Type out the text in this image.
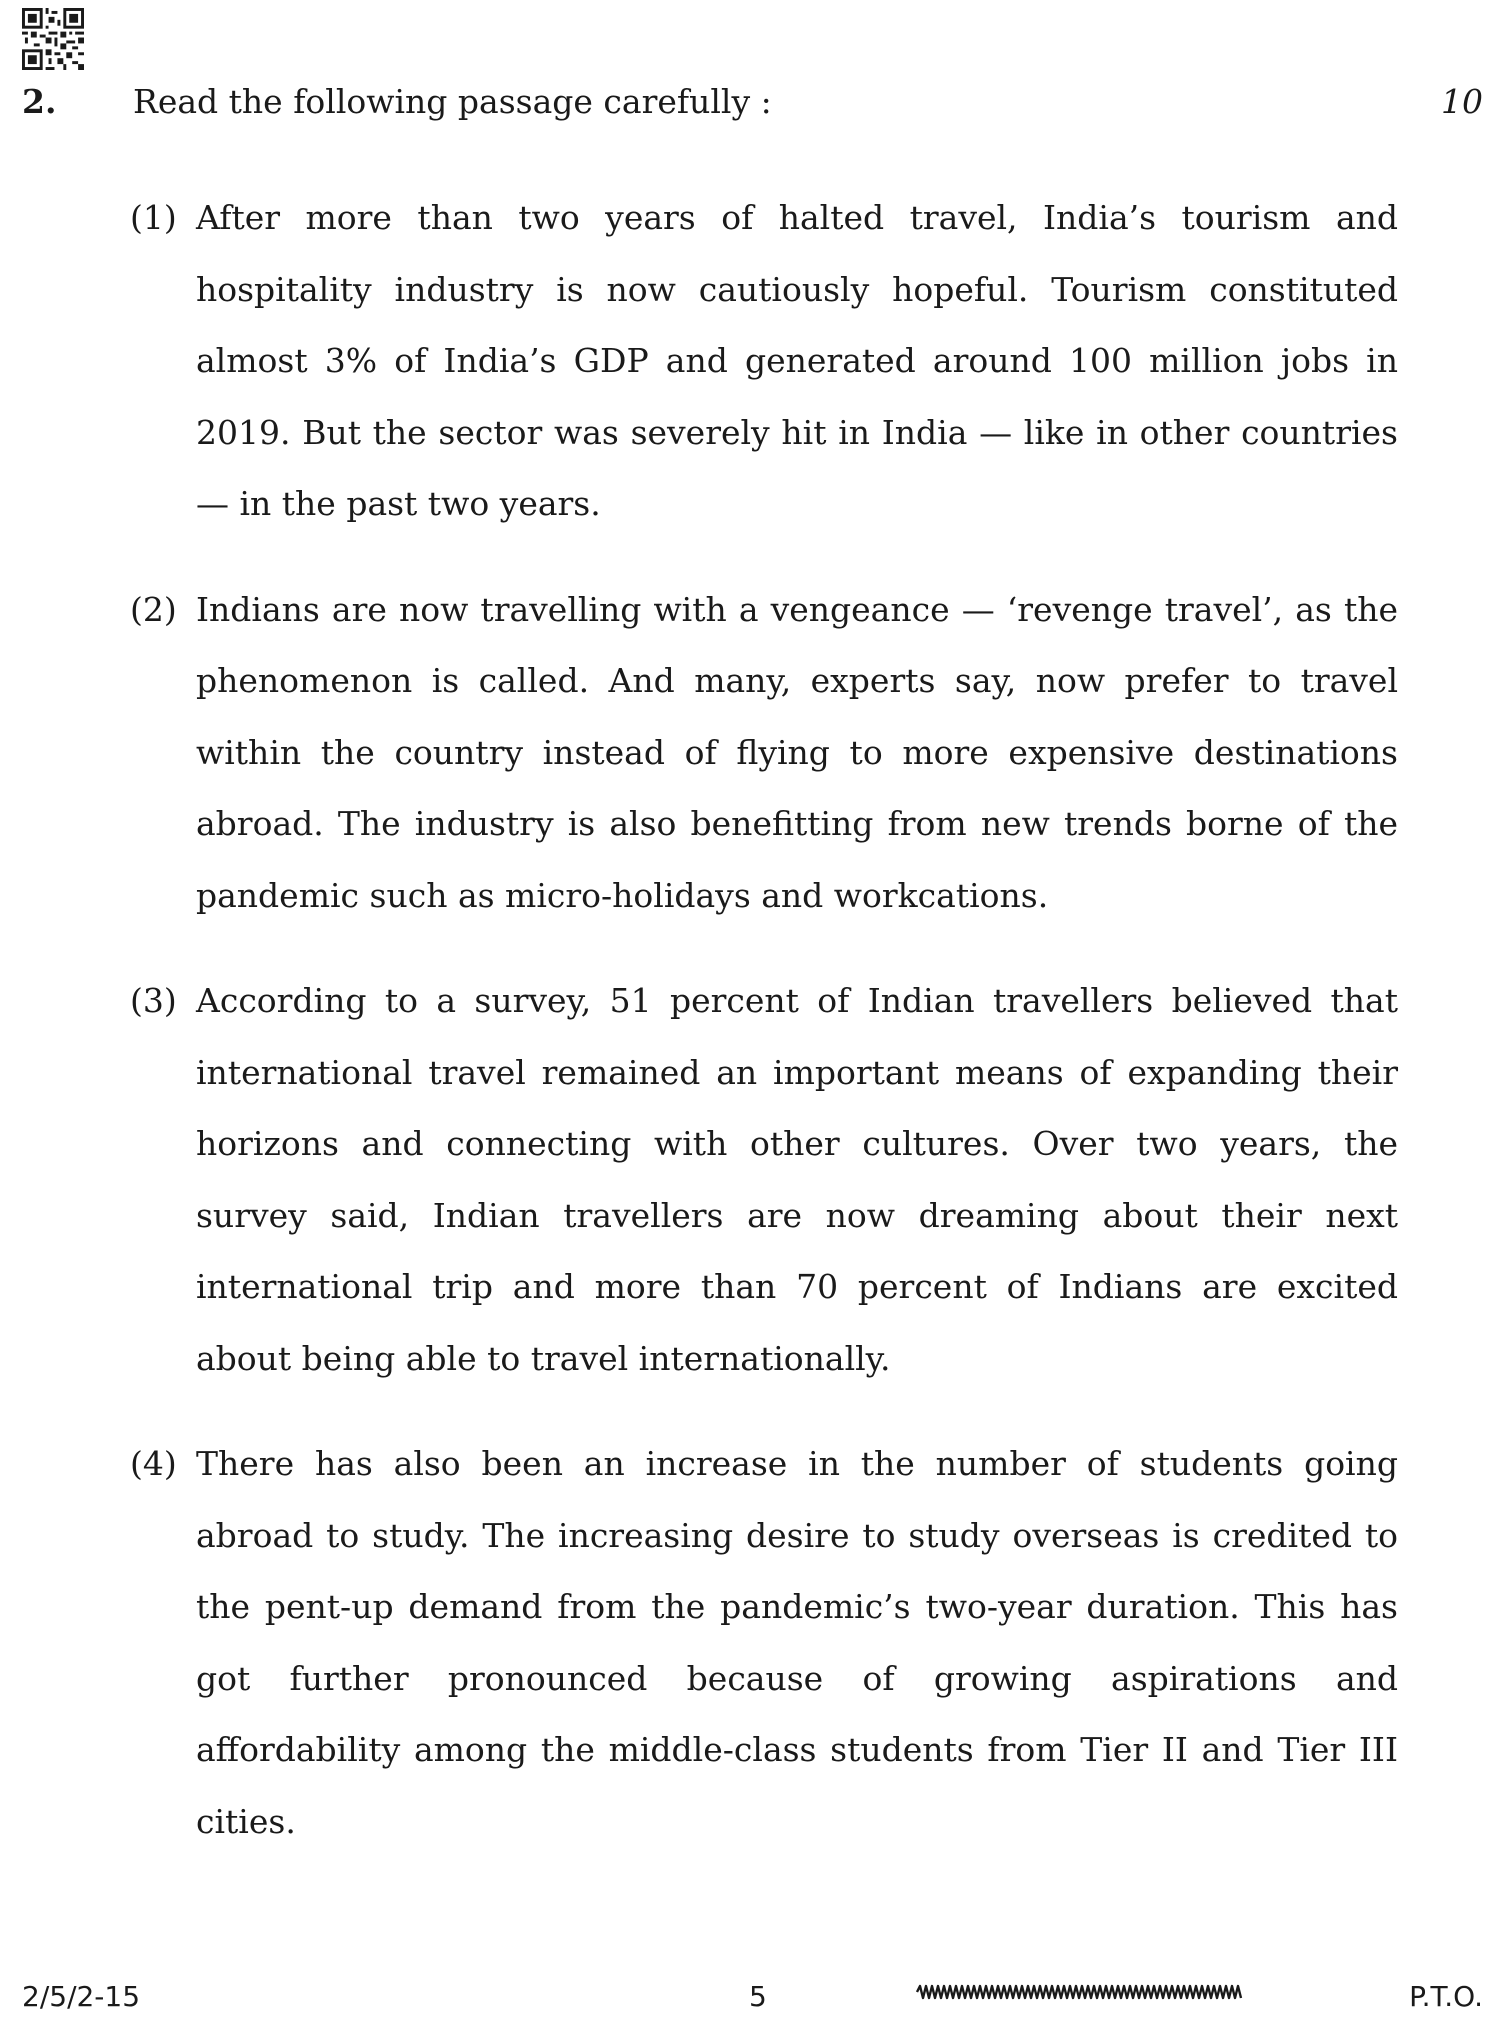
2. Read the following passage carefully :	10
(1) After more than two years of halted travel, India’s tourism and hospitality industry is now cautiously hopeful. Tourism constituted almost 3% of India’s GDP and generated around 100 million jobs in 2019. But the sector was severely hit in India — like in other countries — in the past two years.

(2) Indians are now travelling with a vengeance — ‘revenge travel’, as the phenomenon is called. And many, experts say, now prefer to travel within the country instead of flying to more expensive destinations abroad. The industry is also benefitting from new trends borne of the pandemic such as micro-holidays and workcations.

(3) According to a survey, 51 percent of Indian travellers believed that international travel remained an important means of expanding their horizons and connecting with other cultures. Over two years, the survey said, Indian travellers are now dreaming about their next international trip and more than 70 percent of Indians are excited about being able to travel internationally.

(4) There has also been an increase in the number of students going abroad to study. The increasing desire to study overseas is credited to the pent-up demand from the pandemic’s two-year duration. This has got further pronounced because of growing aspirations and affordability among the middle-class students from Tier II and Tier III cities.

2/5/2-15	5	P.T.O.
